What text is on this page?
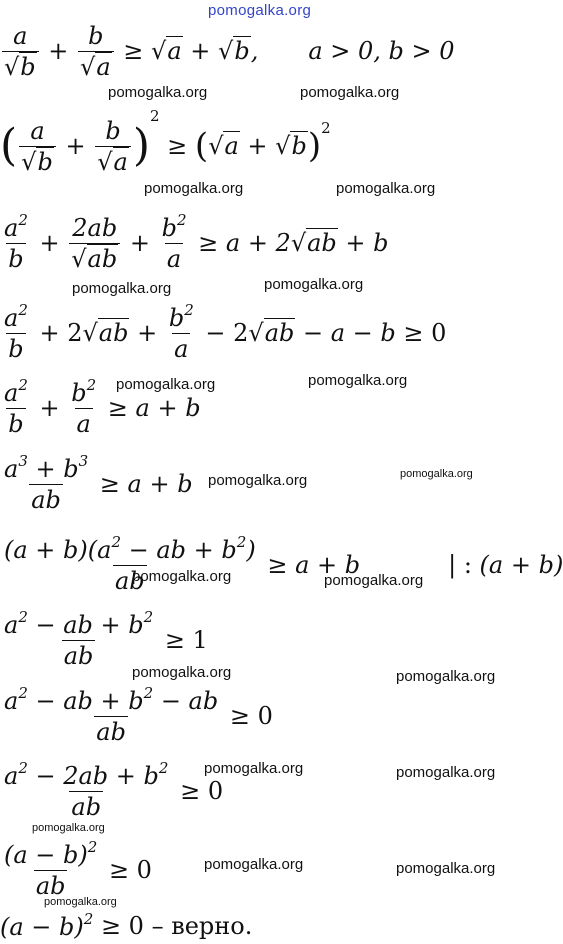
pomogalka.org
a
√ b + b
√ a ≥
√ a + √ b, a > 0, b > 0
( a
√ b + b
√ a )
$^2$
≥ (
√ a + √ b )$^2$
$\frac{a^2}{b} + 2ab$
√ ab + $\frac{b^2}{a} \ge a + 2√$ ab + b
$\frac{a^2}{b} + 2$
√ ab + $\frac{b^2}{a} - 2$
√ ab − a − b ≥ 0
$\frac{a^2}{b} + \frac{b^2}{a} \ge a + b$
$\frac{a^3 + b^3}{ab} \ge a + b$
$\frac{(a + b)(a^2 - ab + b^2)}{ab} \ge a + b$	| : (a + b)
$\frac{a^2 - ab + b^2}{ab} \ge 1$
$\frac{a^2 - ab + b^2 - ab}{ab} \ge 0$
$\frac{a^2 - 2ab + b^2}{ab} \ge 0$
$\frac{(a - b)^2}{ab} \ge 0$
$(a - b)^2 \ge 0$ – верно.
pomogalka.org	pomogalka.org
pomogalka.org	pomogalka.org
pomogalka.org	pomogalka.org
pomogalka.org	pomogalka.org
pomogalka.org	pomogalka.org
pomogalka.org	pomogalka.org
pomogalka.org	pomogalka.org
pomogalka.org	pomogalka.org
pomogalka.org
pomogalka.org	pomogalka.org
pomogalka.org
